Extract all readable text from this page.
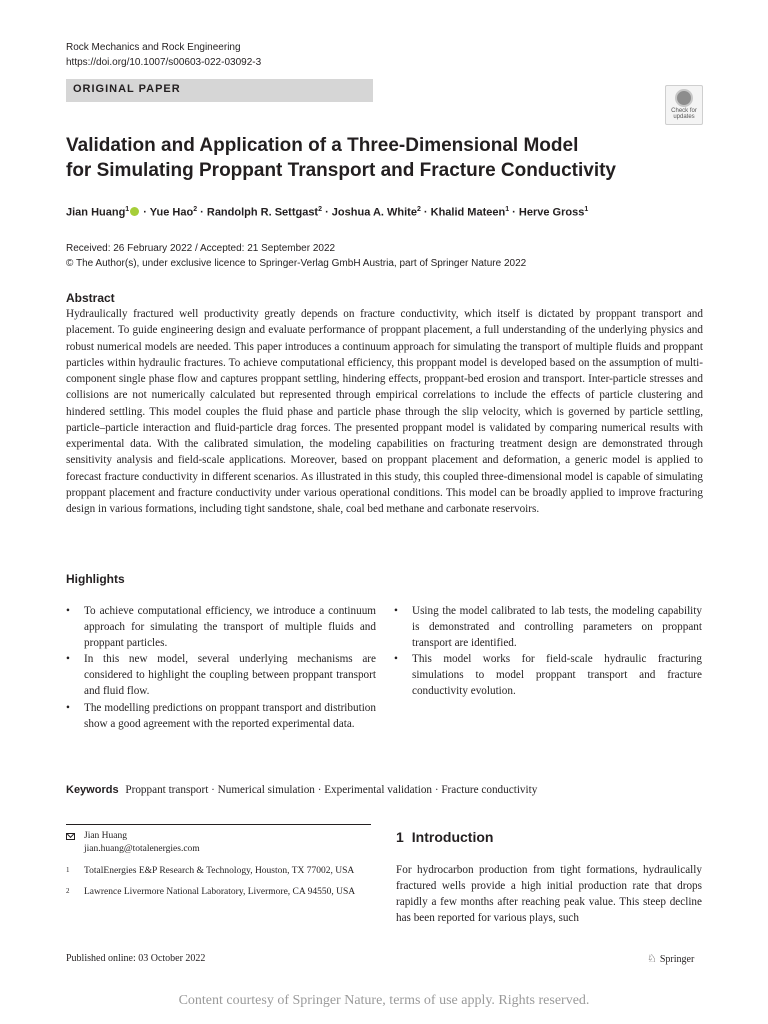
Rock Mechanics and Rock Engineering
https://doi.org/10.1007/s00603-022-03092-3
ORIGINAL PAPER
Check for
updates
Validation and Application of a Three-Dimensional Model
for Simulating Proppant Transport and Fracture Conductivity
Jian Huang$^1$ · Yue Hao$^2$ · Randolph R. Settgast$^2$ · Joshua A. White$^2$ · Khalid Mateen$^1$ · Herve Gross$^1$
Received: 26 February 2022 / Accepted: 21 September 2022
© The Author(s), under exclusive licence to Springer-Verlag GmbH Austria, part of Springer Nature 2022
Abstract
Hydraulically fractured well productivity greatly depends on fracture conductivity, which itself is dictated by proppant transport and placement. To guide engineering design and evaluate performance of proppant placement, a full understanding of the underlying physics and robust numerical models are needed. This paper introduces a continuum approach for simulating the transport of multiple fluids and proppant particles within hydraulic fractures. To achieve computational efficiency, this proppant model is developed based on the assumption of multi-component single phase flow and captures proppant settling, hindering effects, proppant-bed erosion and transport. Inter-particle stresses and collisions are not numerically calculated but represented through empirical correlations to include the effects of particle clustering and hindered settling. This model couples the fluid phase and particle phase through the slip velocity, which is governed by particle settling, particle–particle interaction and fluid-particle drag forces. The presented proppant model is validated by comparing numerical results with experimental data. With the calibrated simulation, the modeling capabilities on fracturing treatment design are demonstrated through sensitivity analysis and field-scale applications. Moreover, based on proppant placement and deformation, a generic model is applied to forecast fracture conductivity in different scenarios. As illustrated in this study, this coupled three-dimensional model is capable of simulating proppant placement and fracture conductivity under various operational conditions. This model can be broadly applied to improve fracturing design in various formations, including tight sandstone, shale, coal bed methane and carbonate reservoirs.
Highlights
• To achieve computational efficiency, we introduce a continuum approach for simulating the transport of multiple fluids and proppant particles.
• In this new model, several underlying mechanisms are considered to highlight the coupling between proppant transport and fluid flow.
• The modelling predictions on proppant transport and distribution show a good agreement with the reported experimental data.
• Using the model calibrated to lab tests, the modeling capability is demonstrated and controlling parameters on proppant transport are identified.
• This model works for field-scale hydraulic fracturing simulations to model proppant transport and fracture conductivity evolution.
Keywords Proppant transport · Numerical simulation · Experimental validation · Fracture conductivity
Jian Huang
jian.huang@totalenergies.com
1 TotalEnergies E&P Research & Technology, Houston, TX 77002, USA
2 Lawrence Livermore National Laboratory, Livermore, CA 94550, USA
1 Introduction
For hydrocarbon production from tight formations, hydraulically fractured wells provide a high initial production rate that drops rapidly a few months after reaching peak value. This steep decline has been reported for various plays, such
Published online: 03 October 2022	♘ Springer
Content courtesy of Springer Nature, terms of use apply. Rights reserved.
